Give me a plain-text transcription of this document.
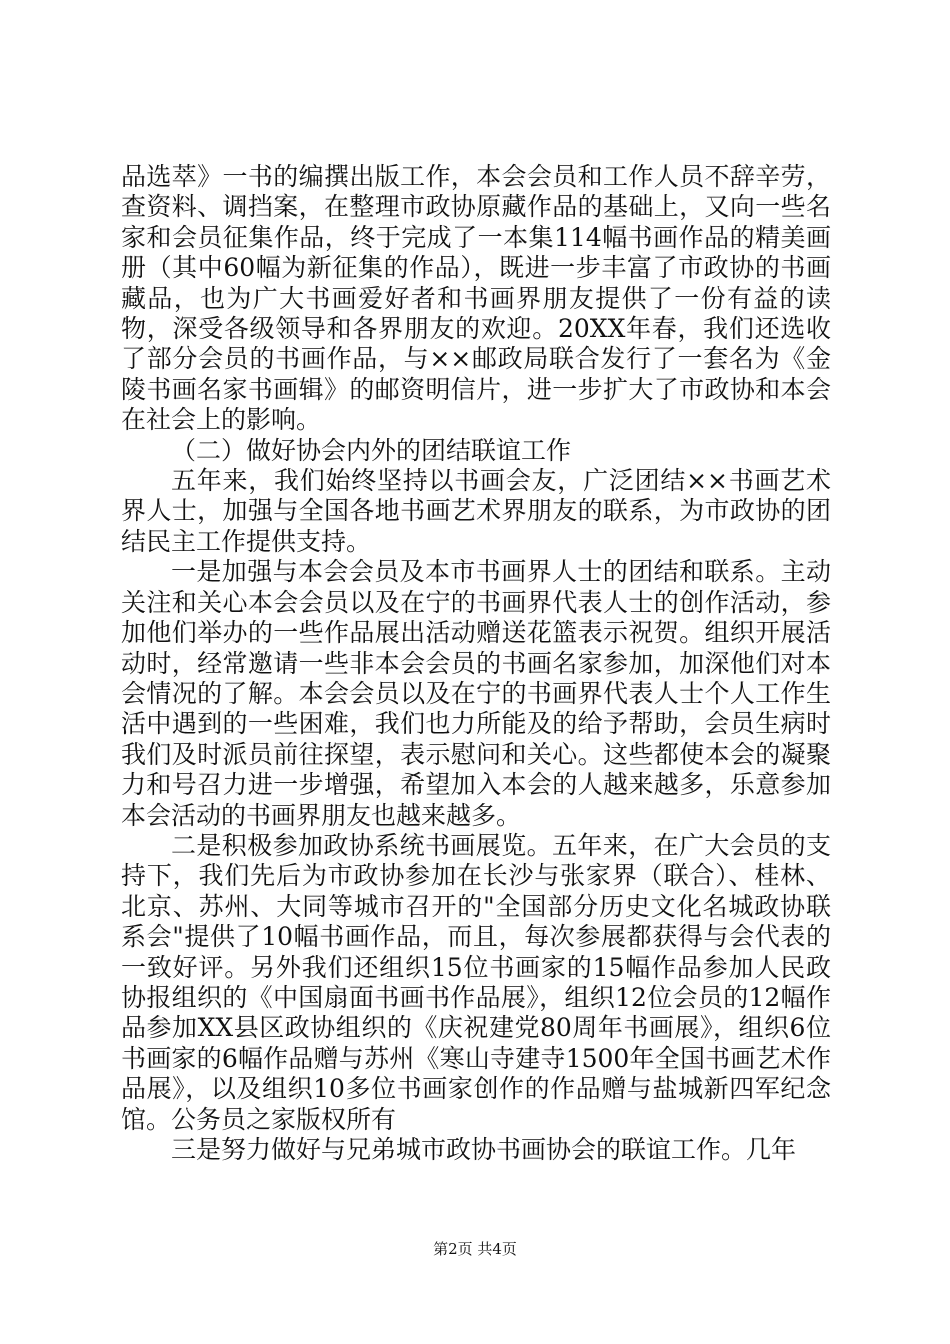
品选萃》一书的编撰出版工作，本会会员和工作人员不辞辛劳，查资料、调挡案，在整理市政协原藏作品的基础上，又向一些名家和会员征集作品，终于完成了一本集114幅书画作品的精美画册（其中60幅为新征集的作品），既进一步丰富了市政协的书画藏品，也为广大书画爱好者和书画界朋友提供了一份有益的读物，深受各级领导和各界朋友的欢迎。20XX年春，我们还选收了部分会员的书画作品，与××邮政局联合发行了一套名为《金陵书画名家书画辑》的邮资明信片，进一步扩大了市政协和本会在社会上的影响。

（二）做好协会内外的团结联谊工作

五年来，我们始终坚持以书画会友，广泛团结××书画艺术界人士，加强与全国各地书画艺术界朋友的联系，为市政协的团结民主工作提供支持。

一是加强与本会会员及本市书画界人士的团结和联系。主动关注和关心本会会员以及在宁的书画界代表人士的创作活动，参加他们举办的一些作品展出活动赠送花篮表示祝贺。组织开展活动时，经常邀请一些非本会会员的书画名家参加，加深他们对本会情况的了解。本会会员以及在宁的书画界代表人士个人工作生活中遇到的一些困难，我们也力所能及的给予帮助，会员生病时我们及时派员前往探望，表示慰问和关心。这些都使本会的凝聚力和号召力进一步增强，希望加入本会的人越来越多，乐意参加本会活动的书画界朋友也越来越多。

二是积极参加政协系统书画展览。五年来，在广大会员的支持下，我们先后为市政协参加在长沙与张家界（联合）、桂林、北京、苏州、大同等城市召开的"全国部分历史文化名城政协联系会"提供了10幅书画作品，而且，每次参展都获得与会代表的一致好评。另外我们还组织15位书画家的15幅作品参加人民政协报组织的《中国扇面书画书作品展》，组织12位会员的12幅作品参加XX县区政协组织的《庆祝建党80周年书画展》，组织6位书画家的6幅作品赠与苏州《寒山寺建寺1500年全国书画艺术作品展》，以及组织10多位书画家创作的作品赠与盐城新四军纪念馆。公务员之家版权所有

三是努力做好与兄弟城市政协书画协会的联谊工作。几年

第2页 共4页
